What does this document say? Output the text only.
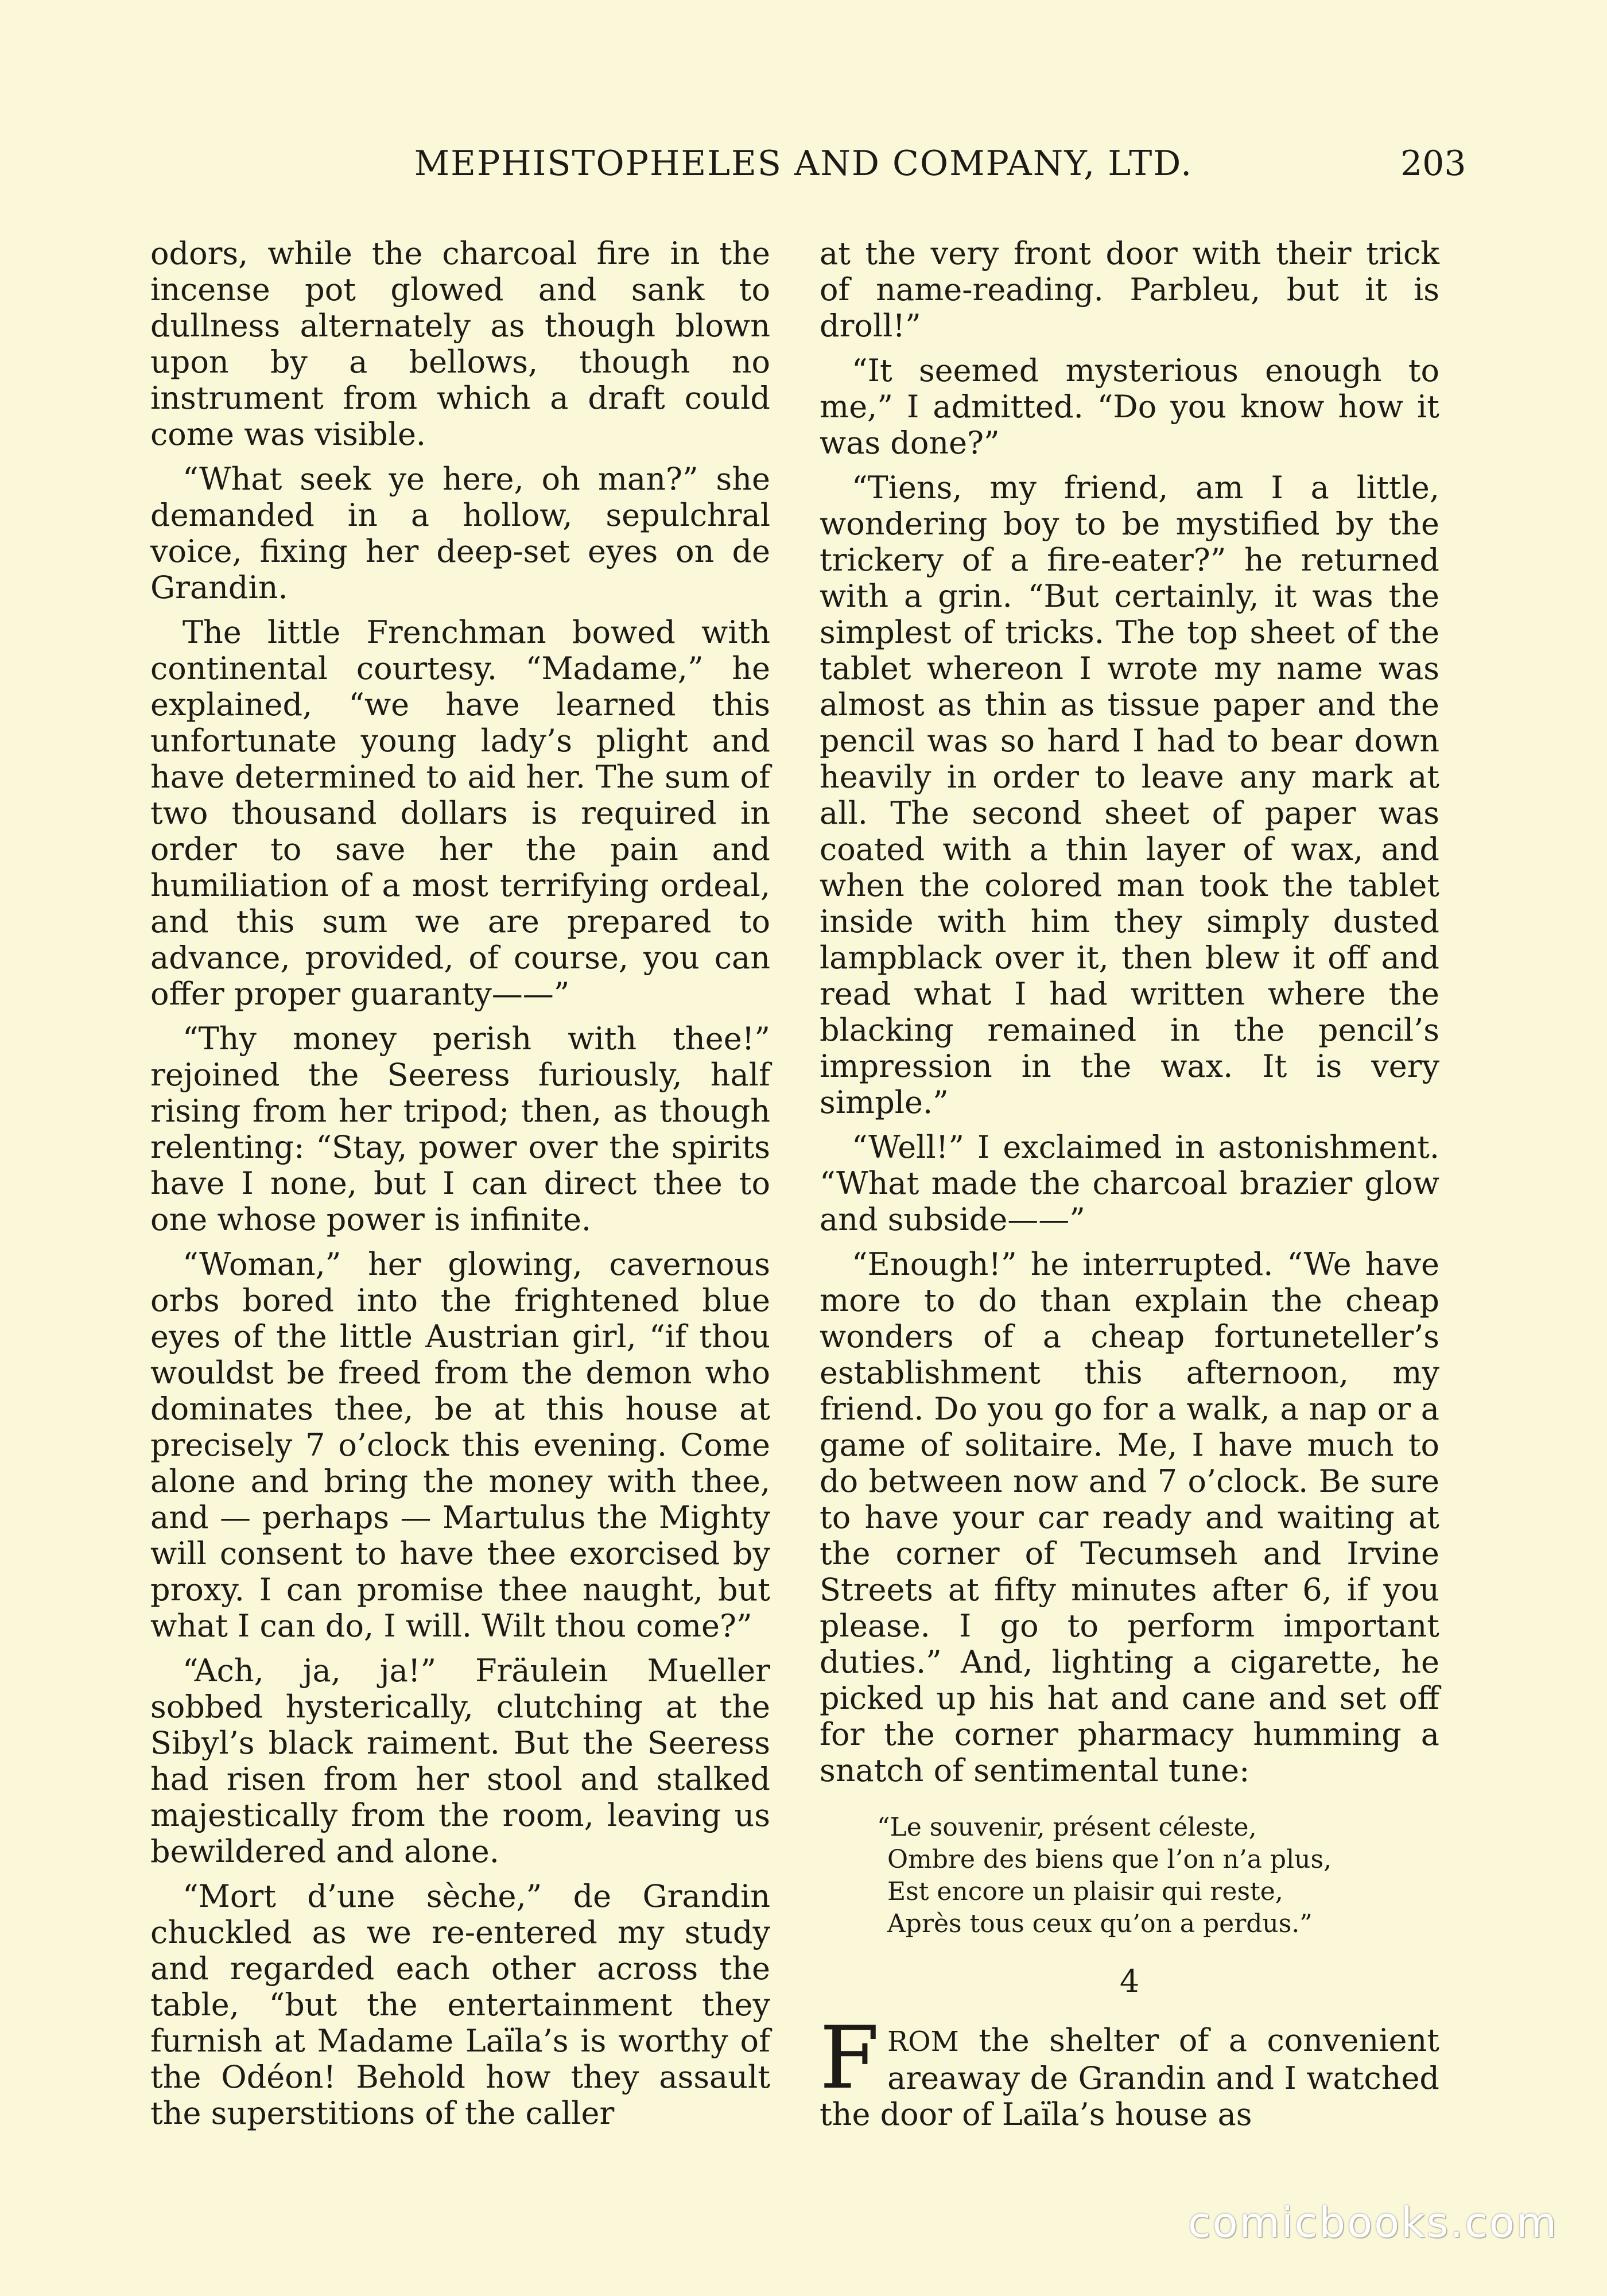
MEPHISTOPHELES AND COMPANY, LTD.	203

odors, while the charcoal fire in the incense pot glowed and sank to dullness alternately as though blown upon by a bellows, though no instrument from which a draft could come was visible.

“What seek ye here, oh man?” she demanded in a hollow, sepulchral voice, fixing her deep-set eyes on de Grandin.

The little Frenchman bowed with continental courtesy. “Madame,” he explained, “we have learned this unfortunate young lady’s plight and have determined to aid her. The sum of two thousand dollars is required in order to save her the pain and humiliation of a most terrifying ordeal, and this sum we are prepared to advance, provided, of course, you can offer proper guaranty——”

“Thy money perish with thee!” rejoined the Seeress furiously, half rising from her tripod; then, as though relenting: “Stay, power over the spirits have I none, but I can direct thee to one whose power is infinite.

“Woman,” her glowing, cavernous orbs bored into the frightened blue eyes of the little Austrian girl, “if thou wouldst be freed from the demon who dominates thee, be at this house at precisely 7 o’clock this evening. Come alone and bring the money with thee, and — perhaps — Martulus the Mighty will consent to have thee exorcised by proxy. I can promise thee naught, but what I can do, I will. Wilt thou come?”

“Ach, ja, ja!” Fräulein Mueller sobbed hysterically, clutching at the Sibyl’s black raiment. But the Seeress had risen from her stool and stalked majestically from the room, leaving us bewildered and alone.

“Mort d’une sèche,” de Grandin chuckled as we re-entered my study and regarded each other across the table, “but the entertainment they furnish at Madame Laïla’s is worthy of the Odéon! Behold how they assault the superstitions of the caller

at the very front door with their trick of name-reading. Parbleu, but it is droll!”

“It seemed mysterious enough to me,” I admitted. “Do you know how it was done?”

“Tiens, my friend, am I a little, wondering boy to be mystified by the trickery of a fire-eater?” he returned with a grin. “But certainly, it was the simplest of tricks. The top sheet of the tablet whereon I wrote my name was almost as thin as tissue paper and the pencil was so hard I had to bear down heavily in order to leave any mark at all. The second sheet of paper was coated with a thin layer of wax, and when the colored man took the tablet inside with him they simply dusted lampblack over it, then blew it off and read what I had written where the blacking remained in the pencil’s impression in the wax. It is very simple.”

“Well!” I exclaimed in astonishment. “What made the charcoal brazier glow and subside——”

“Enough!” he interrupted. “We have more to do than explain the cheap wonders of a cheap fortuneteller’s establishment this afternoon, my friend. Do you go for a walk, a nap or a game of solitaire. Me, I have much to do between now and 7 o’clock. Be sure to have your car ready and waiting at the corner of Tecumseh and Irvine Streets at fifty minutes after 6, if you please. I go to perform important duties.” And, lighting a cigarette, he picked up his hat and cane and set off for the corner pharmacy humming a snatch of sentimental tune:

“Le souvenir, présent céleste,
Ombre des biens que l’on n’a plus,
Est encore un plaisir qui reste,
Après tous ceux qu’on a perdus.”
4

FROM the shelter of a convenient areaway de Grandin and I watched the door of Laïla’s house as

comicbooks.com
